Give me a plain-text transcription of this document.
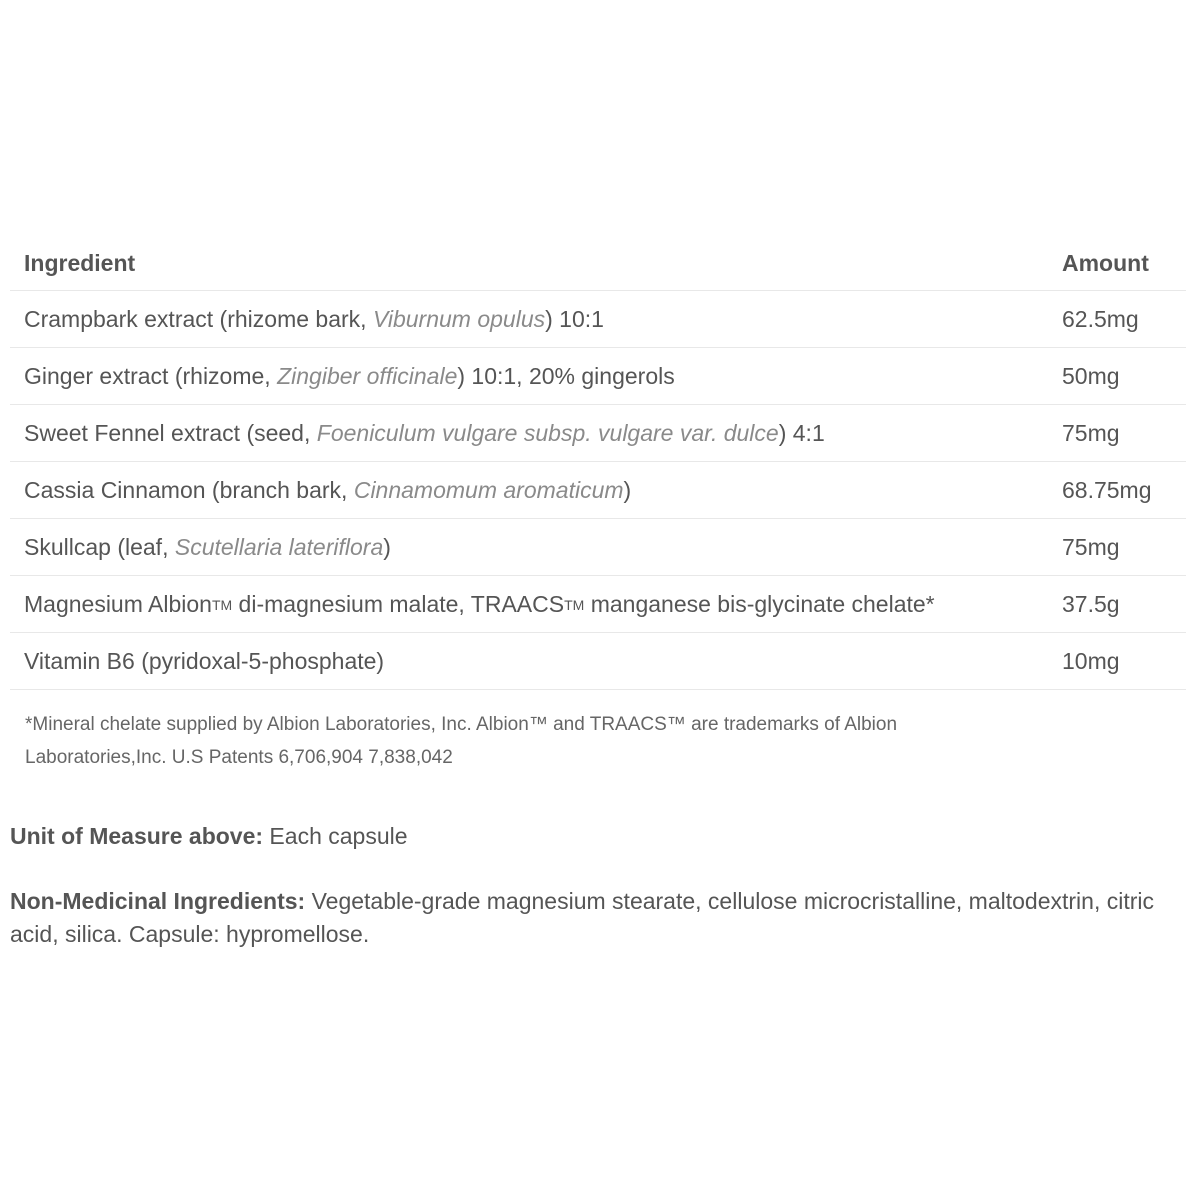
Ingredient	Amount
Crampbark extract (rhizome bark, Viburnum opulus) 10:1	62.5mg
Ginger extract (rhizome, Zingiber officinale) 10:1, 20% gingerols	50mg
Sweet Fennel extract (seed, Foeniculum vulgare subsp. vulgare var. dulce) 4:1	75mg
Cassia Cinnamon (branch bark, Cinnamomum aromaticum)	68.75mg
Skullcap (leaf, Scutellaria lateriflora)	75mg
Magnesium AlbionTM di-magnesium malate, TRAACSTM manganese bis-glycinate chelate*	37.5g
Vitamin B6 (pyridoxal-5-phosphate)	10mg

*Mineral chelate supplied by Albion Laboratories, Inc. Albion™ and TRAACS™ are trademarks of Albion Laboratories,Inc. U.S Patents 6,706,904 7,838,042

Unit of Measure above: Each capsule

Non-Medicinal Ingredients: Vegetable-grade magnesium stearate, cellulose microcristalline, maltodextrin, citric acid, silica. Capsule: hypromellose.
